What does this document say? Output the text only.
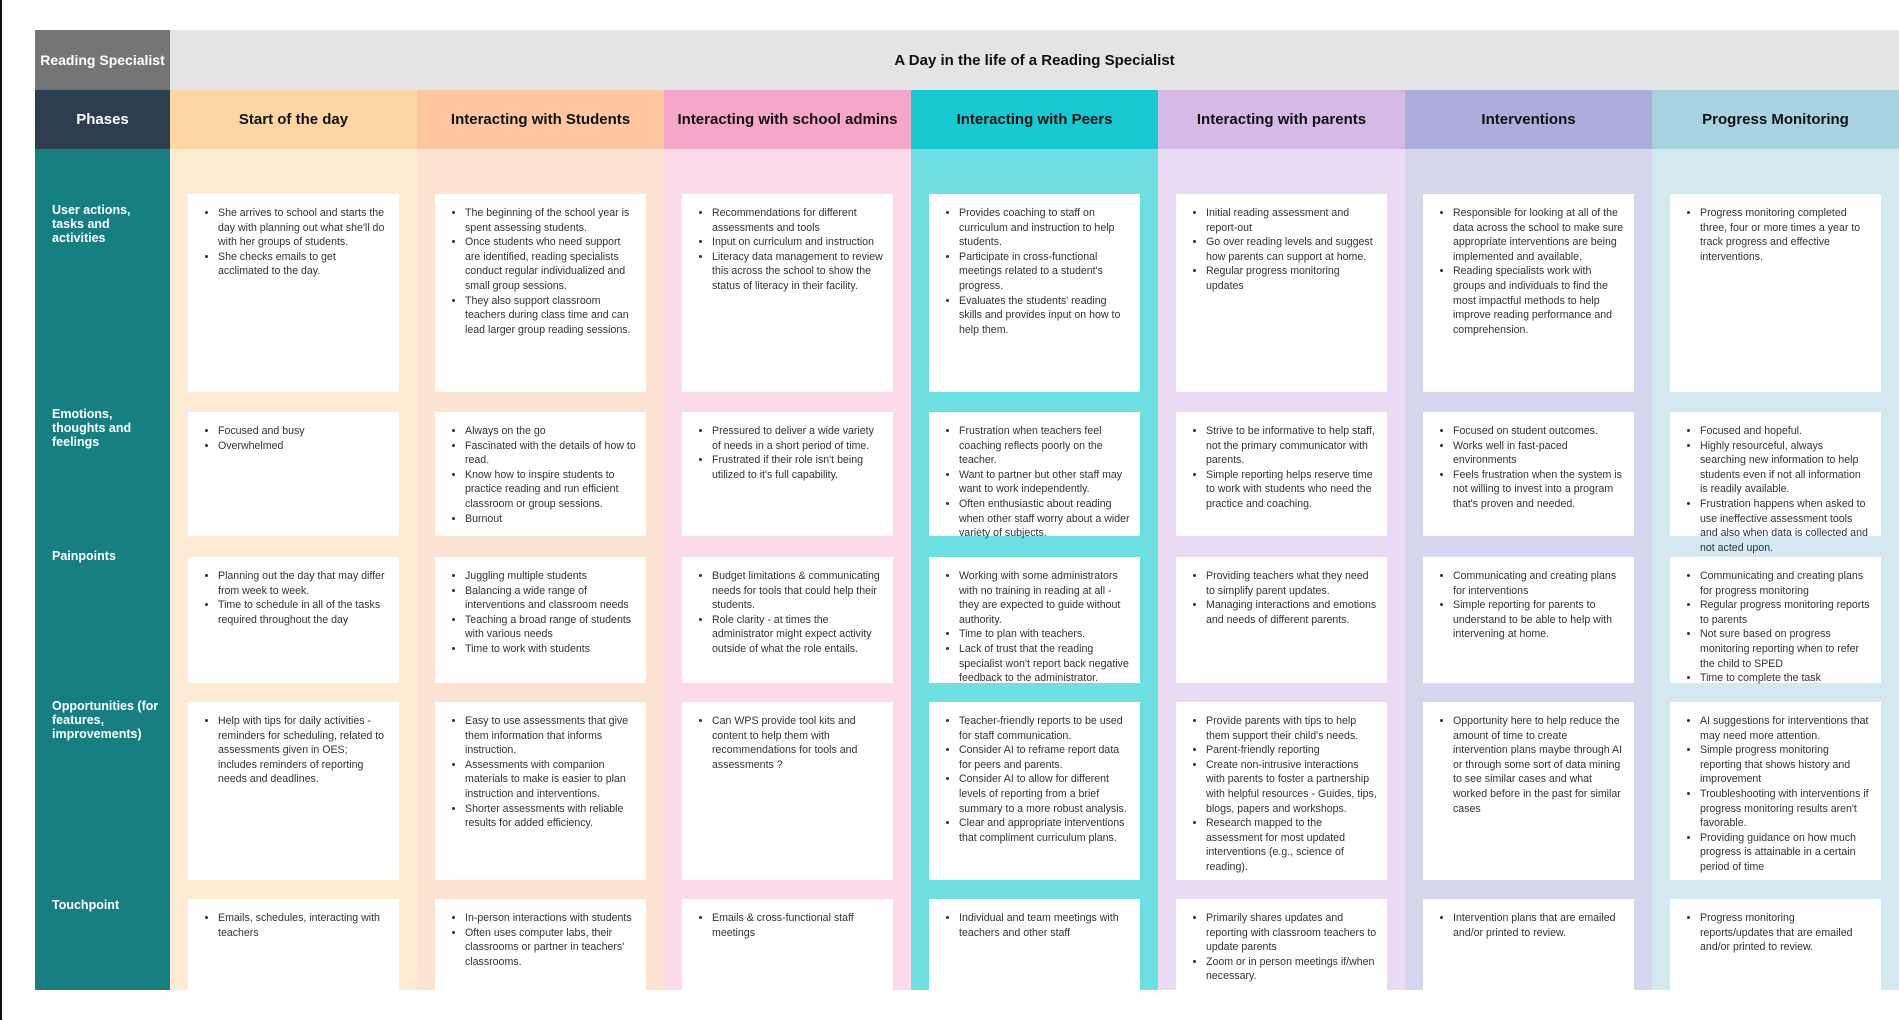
Reading Specialist	A Day in the life of a Reading Specialist
Phases
User actions, tasks and activities
Emotions, thoughts and feelings
Painpoints
Opportunities (for features, improvements)
Touchpoint
Start of the day
• She arrives to school and starts the day with planning out what she'll do with her groups of students.
• She checks emails to get acclimated to the day.
• Focused and busy
• Overwhelmed
• Planning out the day that may differ from week to week.
• Time to schedule in all of the tasks required throughout the day
• Help with tips for daily activities - reminders for scheduling, related to assessments given in OES; includes reminders of reporting needs and deadlines.
• Emails, schedules, interacting with teachers
Interacting with Students
• The beginning of the school year is spent assessing students.
• Once students who need support are identified, reading specialists conduct regular individualized and small group sessions.
• They also support classroom teachers during class time and can lead larger group reading sessions.
• Always on the go
• Fascinated with the details of how to read.
• Know how to inspire students to practice reading and run efficient classroom or group sessions.
• Burnout
• Juggling multiple students
• Balancing a wide range of interventions and classroom needs
• Teaching a broad range of students with various needs
• Time to work with students
• Easy to use assessments that give them information that informs instruction.
• Assessments with companion materials to make is easier to plan instruction and interventions.
• Shorter assessments with reliable results for added efficiency.
• In-person interactions with students
• Often uses computer labs, their classrooms or partner in teachers' classrooms.
Interacting with school admins
• Recommendations for different assessments and tools
• Input on curriculum and instruction
• Literacy data management to review this across the school to show the status of literacy in their facility.
• Pressured to deliver a wide variety of needs in a short period of time.
• Frustrated if their role isn't being utilized to it's full capability.
• Budget limitations & communicating needs for tools that could help their students.
• Role clarity - at times the administrator might expect activity outside of what the role entails.
• Can WPS provide tool kits and content to help them with recommendations for tools and assessments ?
• Emails & cross-functional staff meetings
Interacting with Peers
• Provides coaching to staff on curriculum and instruction to help students.
• Participate in cross-functional meetings related to a student's progress.
• Evaluates the students' reading skills and provides input on how to help them.
• Frustration when teachers feel coaching reflects poorly on the teacher.
• Want to partner but other staff may want to work independently.
• Often enthusiastic about reading when other staff worry about a wider variety of subjects.
• Working with some administrators with no training in reading at all - they are expected to guide without authority.
• Time to plan with teachers.
• Lack of trust that the reading specialist won't report back negative feedback to the administrator.
• Teacher-friendly reports to be used for staff communication.
• Consider AI to reframe report data for peers and parents.
• Consider AI to allow for different levels of reporting from a brief summary to a more robust analysis.
• Clear and appropriate interventions that compliment curriculum plans.
• Individual and team meetings with teachers and other staff
Interacting with parents
• Initial reading assessment and report-out
• Go over reading levels and suggest how parents can support at home.
• Regular progress monitoring updates
• Strive to be informative to help staff, not the primary communicator with parents.
• Simple reporting helps reserve time to work with students who need the practice and coaching.
• Providing teachers what they need to simplify parent updates.
• Managing interactions and emotions and needs of different parents.
• Provide parents with tips to help them support their child's needs.
• Parent-friendly reporting
• Create non-intrusive interactions with parents to foster a partnership with helpful resources - Guides, tips, blogs, papers and workshops.
• Research mapped to the assessment for most updated interventions (e.g., science of reading).
• Primarily shares updates and reporting with classroom teachers to update parents
• Zoom or in person meetings if/when necessary.
Interventions
• Responsible for looking at all of the data across the school to make sure appropriate interventions are being implemented and available.
• Reading specialists work with groups and individuals to find the most impactful methods to help improve reading performance and comprehension.
• Focused on student outcomes.
• Works well in fast-paced environments
• Feels frustration when the system is not willing to invest into a program that's proven and needed.
• Communicating and creating plans for interventions
• Simple reporting for parents to understand to be able to help with intervening at home.
• Opportunity here to help reduce the amount of time to create intervention plans maybe through AI or through some sort of data mining to see similar cases and what worked before in the past for similar cases
• Intervention plans that are emailed and/or printed to review.
Progress Monitoring
• Progress monitoring completed three, four or more times a year to track progress and effective interventions.
• Focused and hopeful.
• Highly resourceful, always searching new information to help students even if not all information is readily available.
• Frustration happens when asked to use ineffective assessment tools and also when data is collected and not acted upon.
• Communicating and creating plans for progress monitoring
• Regular progress monitoring reports to parents
• Not sure based on progress monitoring reporting when to refer the child to SPED
• Time to complete the task
• AI suggestions for interventions that may need more attention.
• Simple progress monitoring reporting that shows history and improvement
• Troubleshooting with interventions if progress monitoring results aren't favorable.
• Providing guidance on how much progress is attainable in a certain period of time
• Progress monitoring reports/updates that are emailed and/or printed to review.
